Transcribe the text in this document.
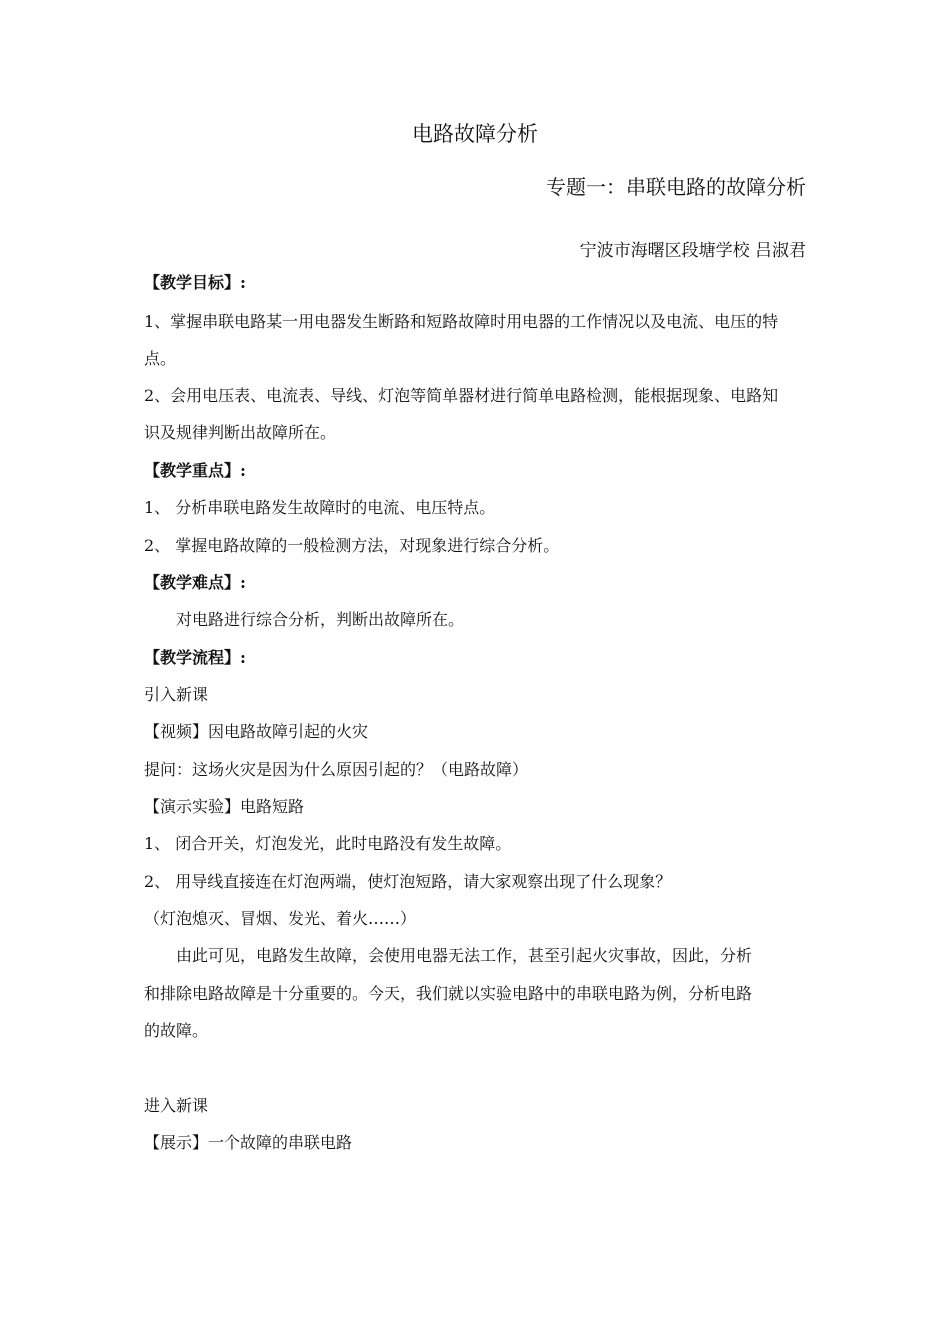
电路故障分析
专题一：串联电路的故障分析
宁波市海曙区段塘学校 吕淑君
【教学目标】:
1、掌握串联电路某一用电器发生断路和短路故障时用电器的工作情况以及电流、电压的特
点。
2、会用电压表、电流表、导线、灯泡等简单器材进行简单电路检测，能根据现象、电路知
识及规律判断出故障所在。
【教学重点】:
1、 分析串联电路发生故障时的电流、电压特点。
2、 掌握电路故障的一般检测方法，对现象进行综合分析。
【教学难点】:
对电路进行综合分析，判断出故障所在。
【教学流程】:
引入新课
【视频】因电路故障引起的火灾
提问：这场火灾是因为什么原因引起的？（电路故障）
【演示实验】电路短路
1、 闭合开关，灯泡发光，此时电路没有发生故障。
2、 用导线直接连在灯泡两端，使灯泡短路，请大家观察出现了什么现象？
（灯泡熄灭、冒烟、发光、着火……）
由此可见，电路发生故障，会使用电器无法工作，甚至引起火灾事故，因此，分析
和排除电路故障是十分重要的。今天，我们就以实验电路中的串联电路为例，分析电路
的故障。
进入新课
【展示】一个故障的串联电路
